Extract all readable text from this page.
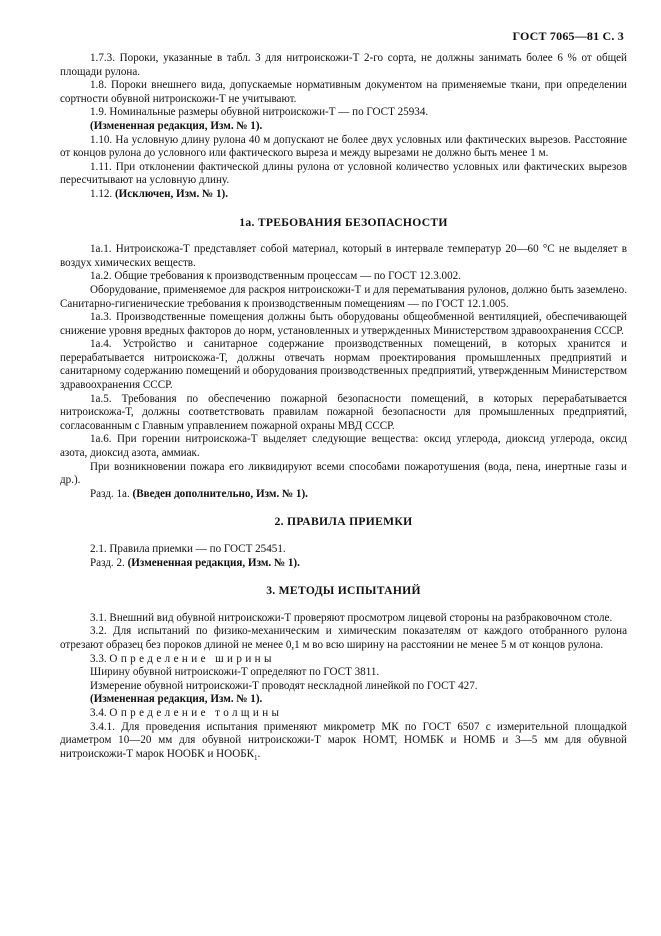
ГОСТ 7065—81 С. 3

1.7.3. Пороки, указанные в табл. 3 для нитроискожи-Т 2-го сорта, не должны занимать более 6 % от общей площади рулона.

1.8. Пороки внешнего вида, допускаемые нормативным документом на применяемые ткани, при определении сортности обувной нитроискожи-Т не учитывают.

1.9. Номинальные размеры обувной нитроискожи-Т — по ГОСТ 25934.

(Измененная редакция, Изм. № 1).

1.10. На условную длину рулона 40 м допускают не более двух условных или фактических вырезов. Расстояние от концов рулона до условного или фактического выреза и между вырезами не должно быть менее 1 м.

1.11. При отклонении фактической длины рулона от условной количество условных или фактических вырезов пересчитывают на условную длину.

1.12. (Исключен, Изм. № 1).

1а. ТРЕБОВАНИЯ БЕЗОПАСНОСТИ

1а.1. Нитроискожа-Т представляет собой материал, который в интервале температур 20—60 °С не выделяет в воздух химических веществ.

1а.2. Общие требования к производственным процессам — по ГОСТ 12.3.002.

Оборудование, применяемое для раскроя нитроискожи-Т и для перематывания рулонов, должно быть заземлено. Санитарно-гигиенические требования к производственным помещениям — по ГОСТ 12.1.005.

1а.3. Производственные помещения должны быть оборудованы общеобменной вентиляцией, обеспечивающей снижение уровня вредных факторов до норм, установленных и утвержденных Министерством здравоохранения СССР.

1а.4. Устройство и санитарное содержание производственных помещений, в которых хранится и перерабатывается нитроискожа-Т, должны отвечать нормам проектирования промышленных предприятий и санитарному содержанию помещений и оборудования производственных предприятий, утвержденным Министерством здравоохранения СССР.

1а.5. Требования по обеспечению пожарной безопасности помещений, в которых перерабатывается нитроискожа-Т, должны соответствовать правилам пожарной безопасности для промышленных предприятий, согласованным с Главным управлением пожарной охраны МВД СССР.

1а.6. При горении нитроискожа-Т выделяет следующие вещества: оксид углерода, диоксид углерода, оксид азота, диоксид азота, аммиак.

При возникновении пожара его ликвидируют всеми способами пожаротушения (вода, пена, инертные газы и др.).

Разд. 1а. (Введен дополнительно, Изм. № 1).

2. ПРАВИЛА ПРИЕМКИ

2.1. Правила приемки — по ГОСТ 25451.

Разд. 2. (Измененная редакция, Изм. № 1).

3. МЕТОДЫ ИСПЫТАНИЙ

3.1. Внешний вид обувной нитроискожи-Т проверяют просмотром лицевой стороны на разбраковочном столе.

3.2. Для испытаний по физико-механическим и химическим показателям от каждого отобранного рулона отрезают образец без пороков длиной не менее 0,1 м во всю ширину на расстоянии не менее 5 м от концов рулона.

3.3. Определение ширины

Ширину обувной нитроискожи-Т определяют по ГОСТ 3811.

Измерение обувной нитроискожи-Т проводят нескладной линейкой по ГОСТ 427.

(Измененная редакция, Изм. № 1).

3.4. Определение толщины

3.4.1. Для проведения испытания применяют микрометр МК по ГОСТ 6507 с измерительной площадкой диаметром 10—20 мм для обувной нитроискожи-Т марок НОМТ, НОМБК и НОМБ и 3—5 мм для обувной нитроискожи-Т марок НООБК и $НООБК_1$.
